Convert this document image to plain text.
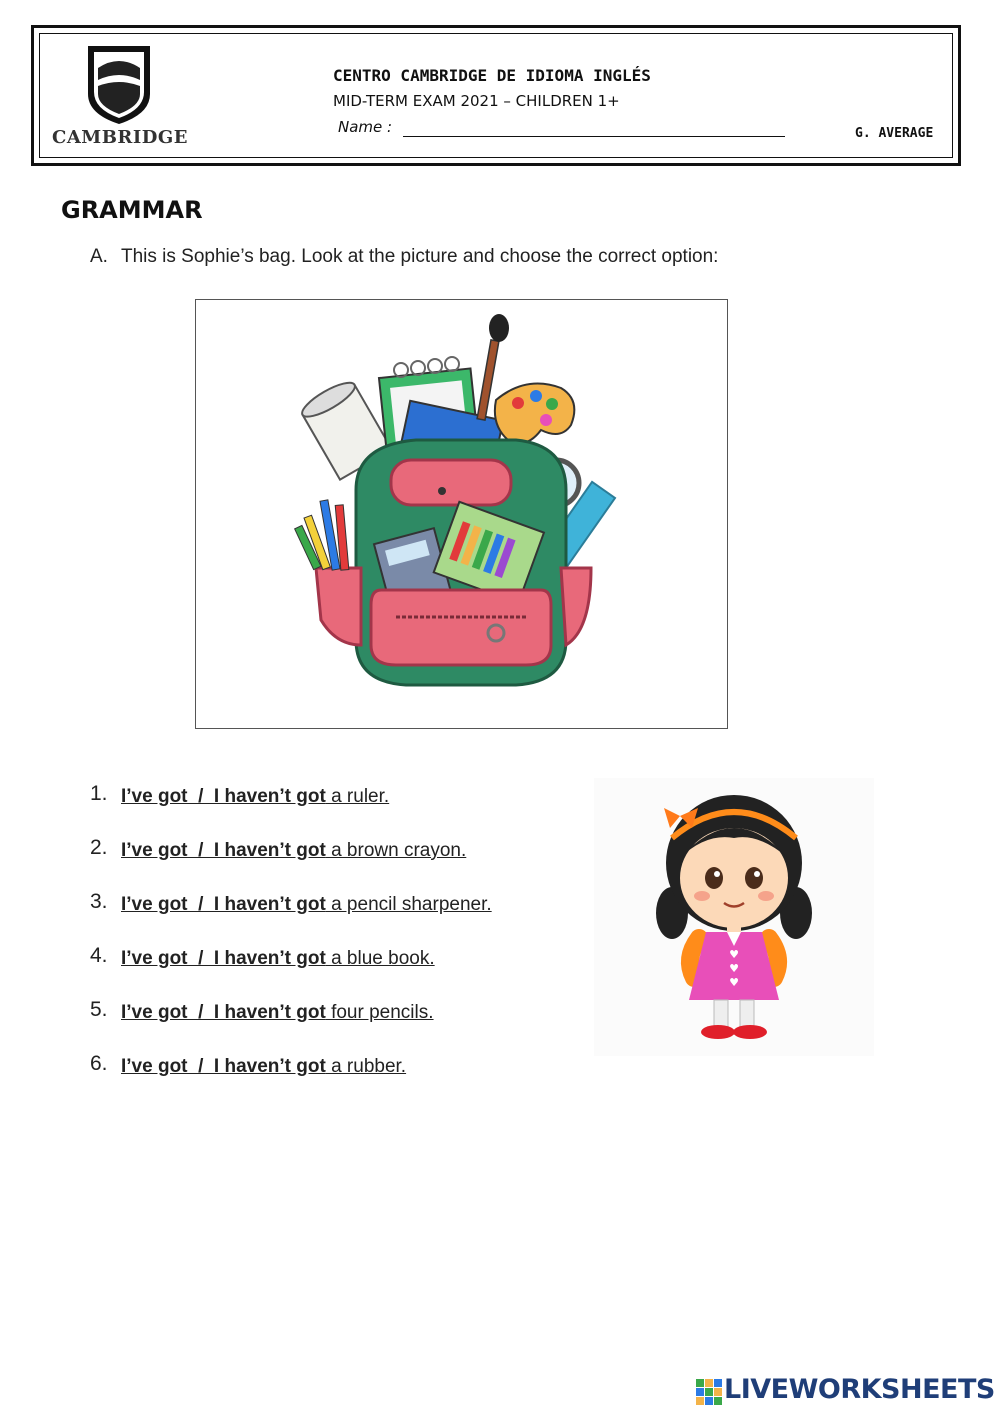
CAMBRIDGE
CENTRO CAMBRIDGE DE IDIOMA INGLÉS
MID-TERM EXAM 2021 – CHILDREN 1+
Name :	G. AVERAGE
GRAMMAR
A. This is Sophie’s bag. Look at the picture and choose the correct option:
1. I’ve got  /  I haven’t got a ruler.
2. I’ve got  /  I haven’t got a brown crayon.
3. I’ve got  /  I haven’t got a pencil sharpener.
4. I’ve got  /  I haven’t got a blue book.
5. I’ve got  /  I haven’t got four pencils.
6. I’ve got  /  I haven’t got a rubber.
♥
♥
♥
LIVEWORKSHEETS
